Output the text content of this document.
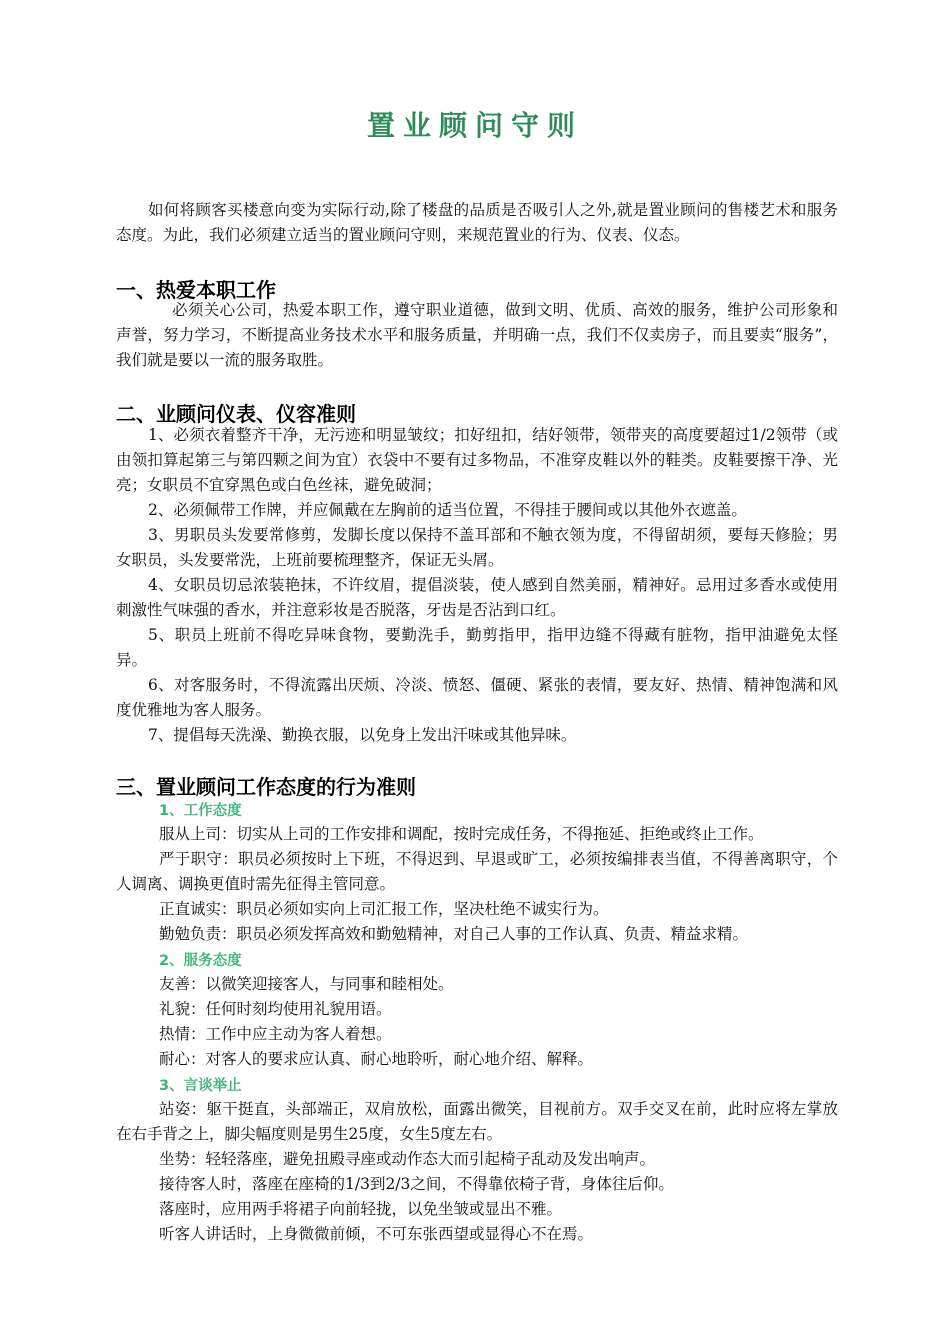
置业顾问守则
如何将顾客买楼意向变为实际行动,除了楼盘的品质是否吸引人之外,就是置业顾问的售楼艺术和服务态度。为此，我们必须建立适当的置业顾问守则，来规范置业的行为、仪表、仪态。
一、热爱本职工作
必须关心公司，热爱本职工作，遵守职业道德，做到文明、优质、高效的服务，维护公司形象和声誉，努力学习，不断提高业务技术水平和服务质量，并明确一点，我们不仅卖房子，而且要卖“服务”，我们就是要以一流的服务取胜。
二、业顾问仪表、仪容准则
1、必须衣着整齐干净，无污迹和明显皱纹；扣好纽扣，结好领带，领带夹的高度要超过1/2领带（或由领扣算起第三与第四颗之间为宜）衣袋中不要有过多物品，不准穿皮鞋以外的鞋类。皮鞋要擦干净、光亮；女职员不宜穿黑色或白色丝袜，避免破洞；
2、必须佩带工作牌，并应佩戴在左胸前的适当位置，不得挂于腰间或以其他外衣遮盖。
3、男职员头发要常修剪，发脚长度以保持不盖耳部和不触衣领为度，不得留胡须，要每天修脸；男女职员，头发要常洗，上班前要梳理整齐，保证无头屑。
4、女职员切忌浓装艳抹，不许纹眉，提倡淡装，使人感到自然美丽，精神好。忌用过多香水或使用刺激性气味强的香水，并注意彩妆是否脱落，牙齿是否沾到口红。
5、职员上班前不得吃异味食物，要勤洗手，勤剪指甲，指甲边缝不得藏有脏物，指甲油避免太怪异。
6、对客服务时，不得流露出厌烦、冷淡、愤怒、僵硬、紧张的表情，要友好、热情、精神饱满和风度优雅地为客人服务。
7、提倡每天洗澡、勤换衣服，以免身上发出汗味或其他异味。
三、置业顾问工作态度的行为准则
1、工作态度
服从上司：切实从上司的工作安排和调配，按时完成任务，不得拖延、拒绝或终止工作。
严于职守：职员必须按时上下班，不得迟到、早退或旷工，必须按编排表当值，不得善离职守，个人调离、调换更值时需先征得主管同意。
正直诚实：职员必须如实向上司汇报工作，坚决杜绝不诚实行为。
勤勉负责：职员必须发挥高效和勤勉精神，对自己人事的工作认真、负责、精益求精。
2、服务态度
友善：以微笑迎接客人，与同事和睦相处。
礼貌：任何时刻均使用礼貌用语。
热情：工作中应主动为客人着想。
耐心：对客人的要求应认真、耐心地聆听，耐心地介绍、解释。
3、言谈举止
站姿：躯干挺直，头部端正，双肩放松，面露出微笑，目视前方。双手交叉在前，此时应将左掌放在右手背之上，脚尖幅度则是男生25度，女生5度左右。
坐势：轻轻落座，避免扭殿寻座或动作态大而引起椅子乱动及发出响声。
接待客人时，落座在座椅的1/3到2/3之间，不得靠依椅子背，身体往后仰。
落座时，应用两手将裙子向前轻拢，以免坐皱或显出不雅。
听客人讲话时，上身微微前倾，不可东张西望或显得心不在焉。
